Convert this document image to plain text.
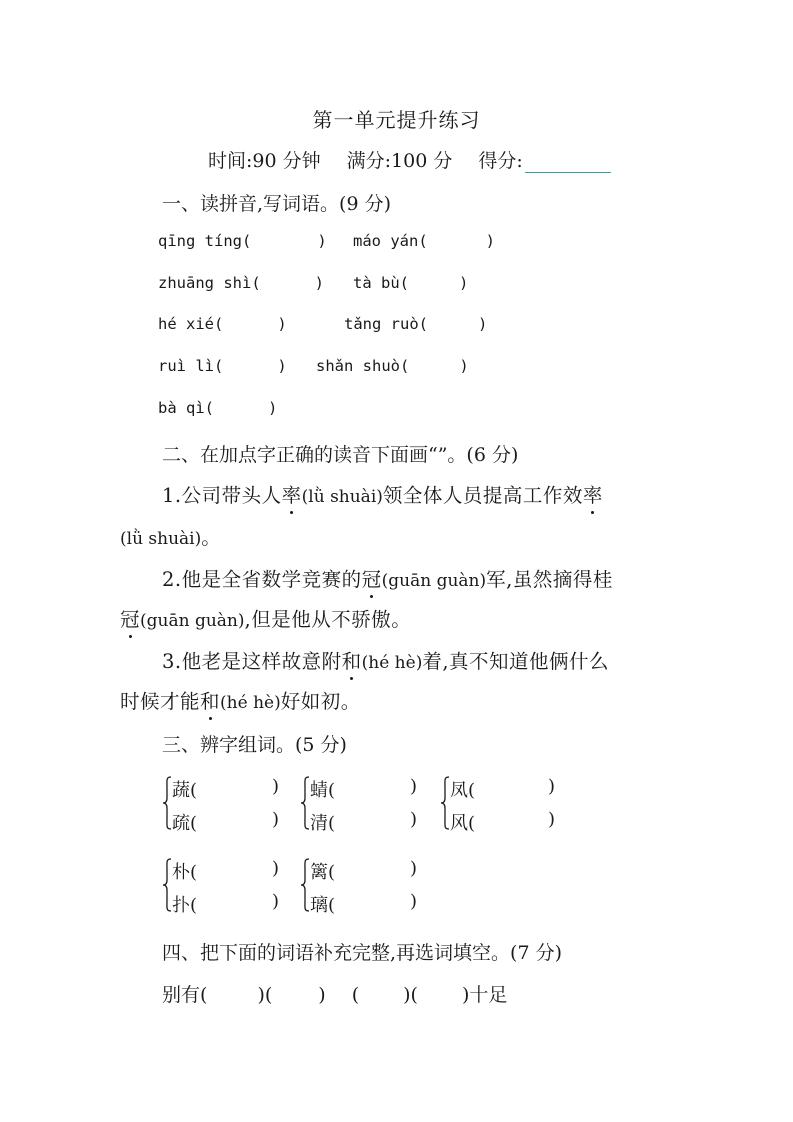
第一单元提升练习
时间:90 分钟 满分:100 分 得分:
一、读拼音,写词语。(9 分)
qīng tíng(	) máo yán(	)
zhuāng shì(	) tà bù(	)
hé xié(	)	tǎng ruò(	)
ruì lì(	) shǎn shuò(	)
bà qì(	)
二、在加点字正确的读音下面画“”。(6 分)
1.公司带头人率(lǜ shuài)领全体人员提高工作效率
(lǜ shuài)。
2.他是全省数学竞赛的冠(guān guàn)军,虽然摘得桂
冠(guān guàn),但是他从不骄傲。
3.他老是这样故意附和(hé hè)着,真不知道他俩什么
时候才能和(hé hè)好如初。
三、辨字组词。(5 分)
蔬(	)
疏(	)
蜻(	)
清(	)
凤(	)
风(	)
朴(	)
扑(	)
篱(	)
璃(	)
四、把下面的词语补充完整,再选词填空。(7 分)
别有(	)( ) ( )( )十足
